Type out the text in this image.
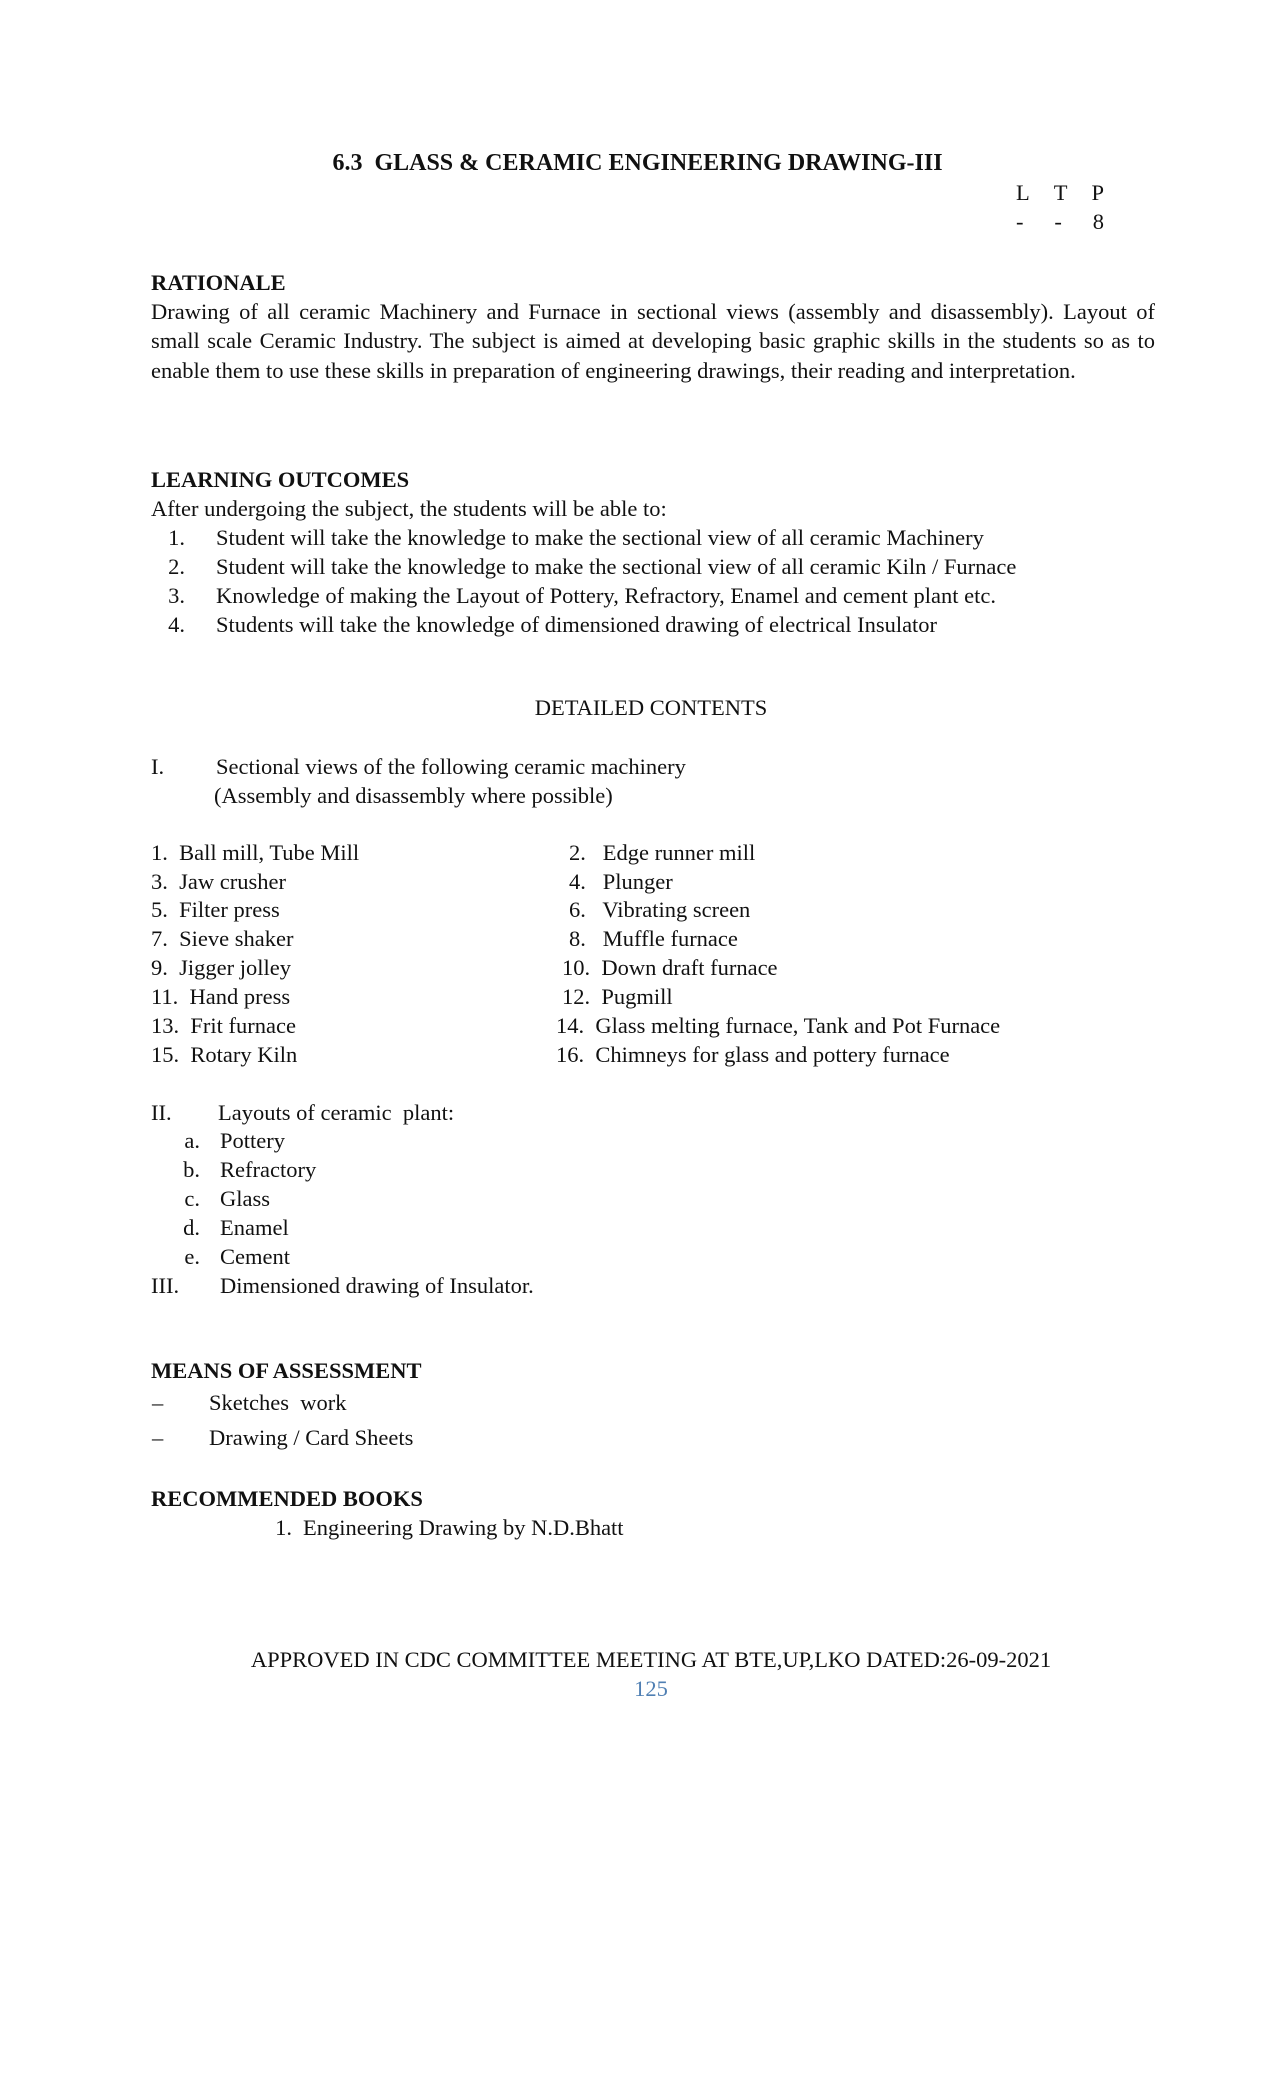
6.3 GLASS & CERAMIC ENGINEERING DRAWING-III
L T P
- - 8
RATIONALE
Drawing of all ceramic Machinery and Furnace in sectional views (assembly and disassembly). Layout of small scale Ceramic Industry. The subject is aimed at developing basic graphic skills in the students so as to enable them to use these skills in preparation of engineering drawings, their reading and interpretation.
LEARNING OUTCOMES
After undergoing the subject, the students will be able to:
1. Student will take the knowledge to make the sectional view of all ceramic Machinery
2. Student will take the knowledge to make the sectional view of all ceramic Kiln / Furnace
3. Knowledge of making the Layout of Pottery, Refractory, Enamel and cement plant etc.
4. Students will take the knowledge of dimensioned drawing of electrical Insulator
DETAILED CONTENTS
I. Sectional views of the following ceramic machinery
(Assembly and disassembly where possible)
1.  Ball mill, Tube Mill
3.  Jaw crusher
5.  Filter press
7.  Sieve shaker
9.  Jigger jolley
11.  Hand press
13.  Frit furnace
15.  Rotary Kiln
2.   Edge runner mill
4.   Plunger
6.   Vibrating screen
8.   Muffle furnace
10.  Down draft furnace
12.  Pugmill
14.  Glass melting furnace, Tank and Pot Furnace
16.  Chimneys for glass and pottery furnace
II. Layouts of ceramic  plant:
a. Pottery
b. Refractory
c. Glass
d. Enamel
e. Cement
III. Dimensioned drawing of Insulator.
MEANS OF ASSESSMENT
– Sketches  work
– Drawing / Card Sheets
RECOMMENDED BOOKS
1. Engineering Drawing by N.D.Bhatt
APPROVED IN CDC COMMITTEE MEETING AT BTE,UP,LKO DATED:26-09-2021
125
